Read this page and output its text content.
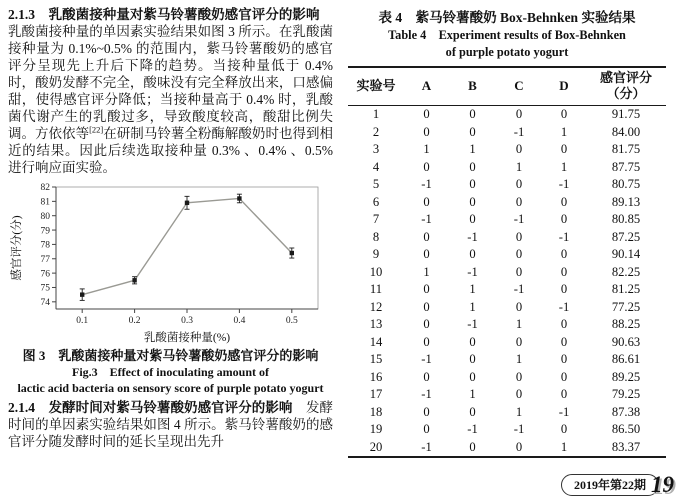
2.1.3　乳酸菌接种量对紫马铃薯酸奶感官评分的影响　乳酸菌接种量的单因素实验结果如图 3 所示。在乳酸菌接种量为 0.1%~0.5% 的范围内，紫马铃薯酸奶的感官评分呈现先上升后下降的趋势。当接种量低于 0.4% 时，酸奶发酵不完全，酸味没有完全释放出来，口感偏甜，使得感官评分降低；当接种量高于 0.4% 时，乳酸菌代谢产生的乳酸过多，导致酸度较高，酸甜比例失调。方依依等[22]在研制马铃薯全粉酶解酸奶时也得到相近的结果。因此后续选取接种量 0.3% 、0.4% 、0.5% 进行响应面实验。
74
75
76
77
78
79
80
81
82
0.1	0.2	0.3	0.4	0.5
乳酸菌接种量(%)
感官评分(分)
图 3　乳酸菌接种量对紫马铃薯酸奶感官评分的影响
Fig.3　Effect of inoculating amount of
lactic acid bacteria on sensory score of purple potato yogurt
2.1.4　发酵时间对紫马铃薯酸奶感官评分的影响　发酵时间的单因素实验结果如图 4 所示。紫马铃薯酸奶的感官评分随发酵时间的延长呈现出先升
表 4　紫马铃薯酸奶 Box-Behnken 实验结果
Table 4　Experiment results of Box-Behnken
of purple potato yogurt
实验号	A	B	C	D	感官评分
（分）

1	0	0	0	0	91.75
2	0	0	-1	1	84.00
3	1	1	0	0	81.75
4	0	0	1	1	87.75
5	-1	0	0	-1	80.75
6	0	0	0	0	89.13
7	-1	0	-1	0	80.85
8	0	-1	0	-1	87.25
9	0	0	0	0	90.14
10	1	-1	0	0	82.25
11	0	1	-1	0	81.25
12	0	1	0	-1	77.25
13	0	-1	1	0	88.25
14	0	0	0	0	90.63
15	-1	0	1	0	86.61
16	0	0	0	0	89.25
17	-1	1	0	0	79.25
18	0	0	1	-1	87.38
19	0	-1	-1	0	86.50
20	-1	0	0	1	83.37
2019年第22期 19
